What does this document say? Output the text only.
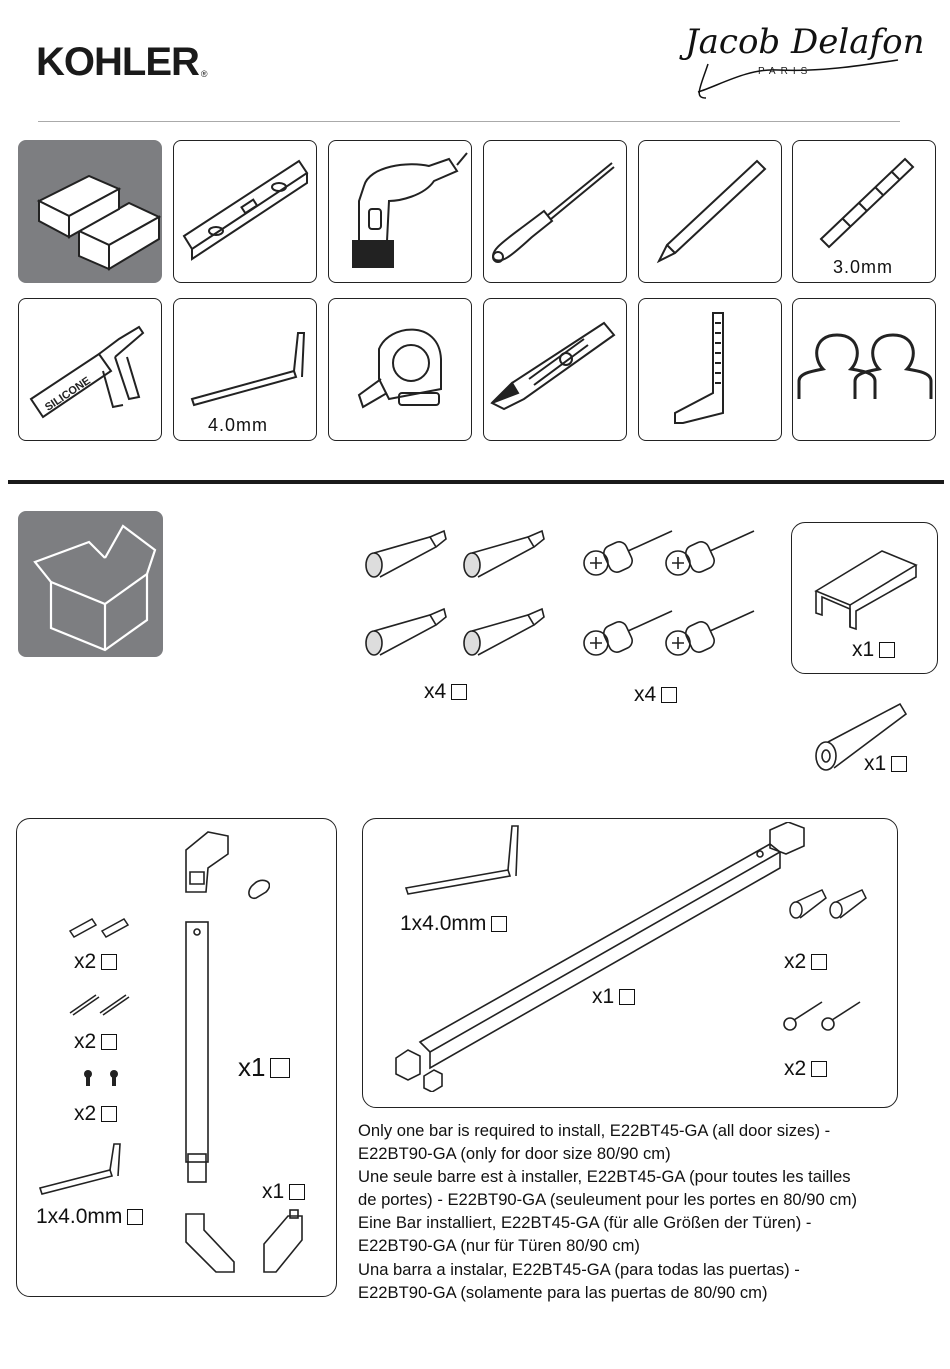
KOHLER ®
Jacob Delafon
PARIS
3.0mm
SILICONE
4.0mm
x4	x4
x1
x1
x2
x2
x2
1x4.0mm
x1
x1
1x4.0mm
x1
x2
x2
Only one bar is required to install, E22BT45-GA (all door sizes) -
E22BT90-GA (only for door size 80/90 cm)
Une seule barre est à installer, E22BT45-GA (pour toutes les tailles
de portes) - E22BT90-GA (seuleument pour les portes en 80/90 cm)
Eine Bar installiert, E22BT45-GA (für alle Größen der Türen) -
E22BT90-GA (nur für Türen 80/90 cm)
Una barra a instalar, E22BT45-GA (para todas las puertas) -
E22BT90-GA (solamente para las puertas de 80/90 cm)
